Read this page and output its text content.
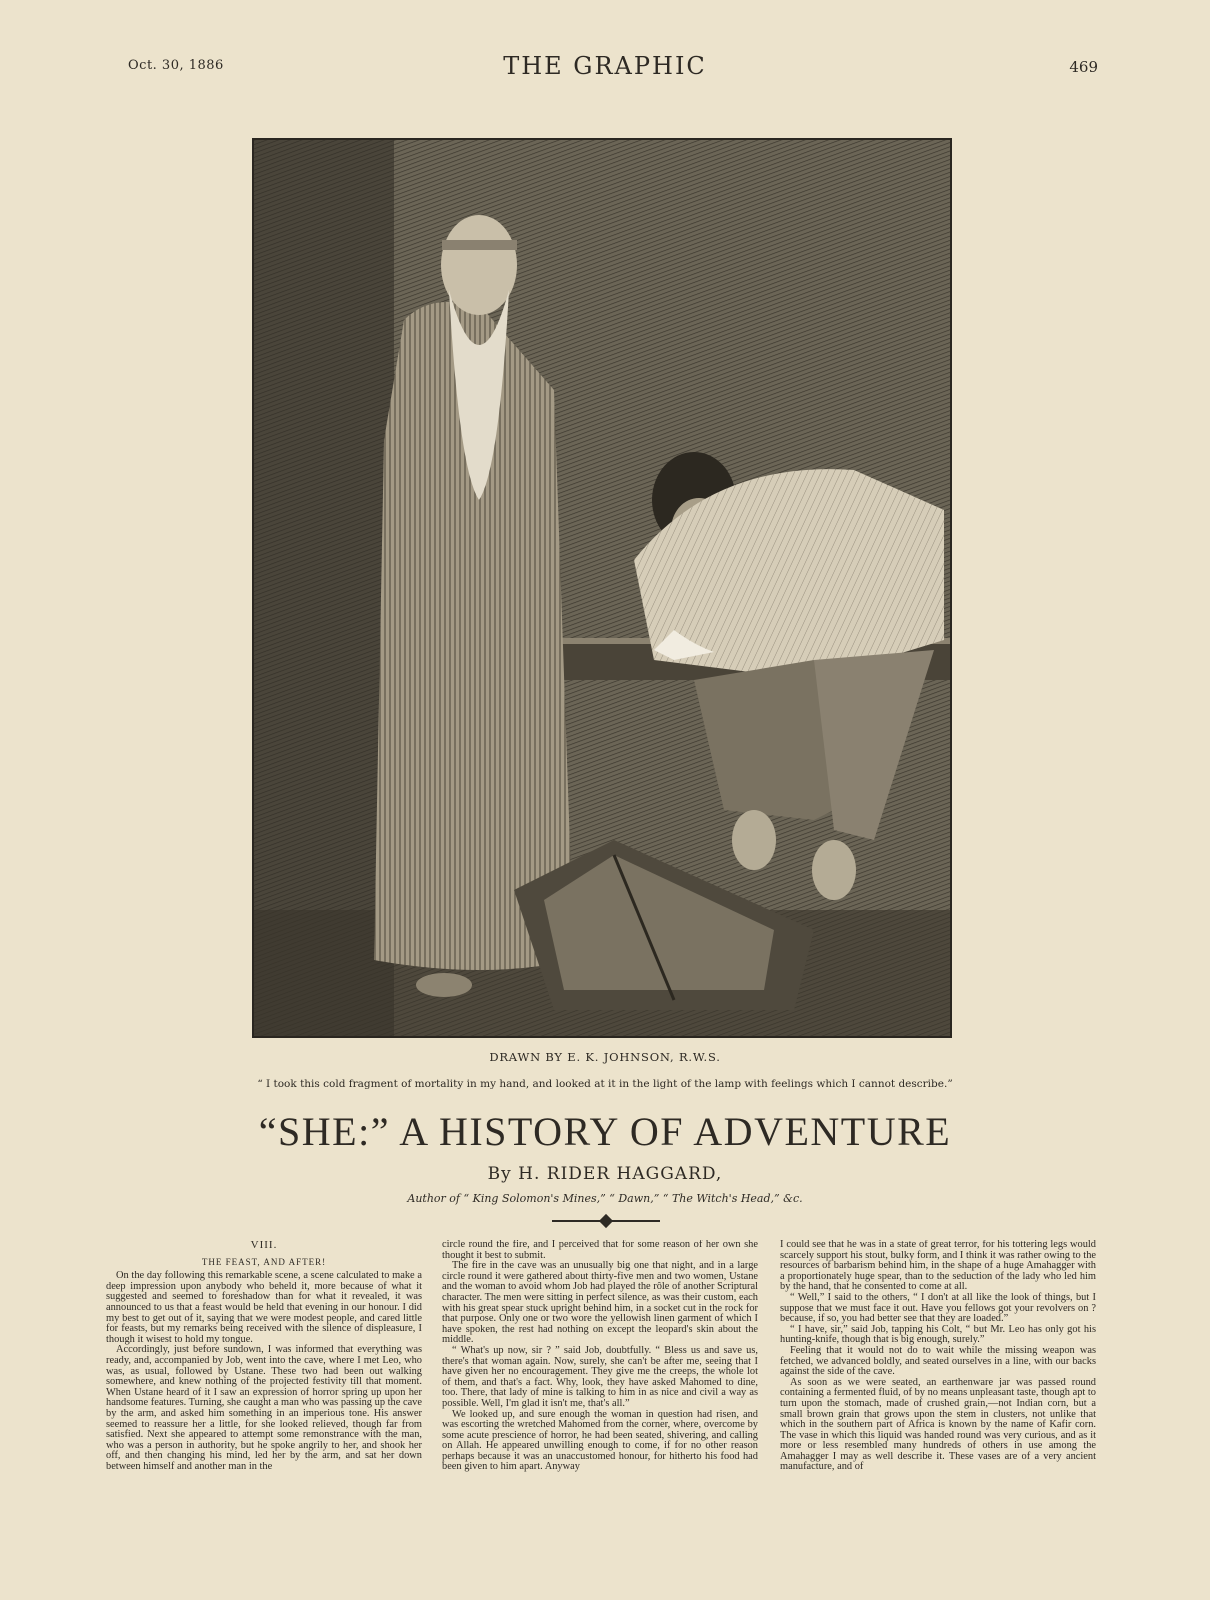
Oct. 30, 1886	THE GRAPHIC	469
DRAWN BY E. K. JOHNSON, R.W.S.
“ I took this cold fragment of mortality in my hand, and looked at it in the light of the lamp with feelings which I cannot describe.”
“SHE:” A HISTORY OF ADVENTURE
By H. RIDER HAGGARD,
Author of “ King Solomon's Mines,” “ Dawn,” “ The Witch's Head,” &c.
VIII.
THE FEAST, AND AFTER!

On the day following this remarkable scene, a scene calculated to make a deep impression upon anybody who beheld it, more because of what it suggested and seemed to foreshadow than for what it revealed, it was announced to us that a feast would be held that evening in our honour. I did my best to get out of it, saying that we were modest people, and cared little for feasts, but my remarks being received with the silence of displeasure, I though it wisest to hold my tongue.

Accordingly, just before sundown, I was informed that everything was ready, and, accompanied by Job, went into the cave, where I met Leo, who was, as usual, followed by Ustane. These two had been out walking somewhere, and knew nothing of the projected festivity till that moment. When Ustane heard of it I saw an expression of horror spring up upon her handsome features. Turning, she caught a man who was passing up the cave by the arm, and asked him something in an imperious tone. His answer seemed to reassure her a little, for she looked relieved, though far from satisfied. Next she appeared to attempt some remonstrance with the man, who was a person in authority, but he spoke angrily to her, and shook her off, and then changing his mind, led her by the arm, and sat her down between himself and another man in the

circle round the fire, and I perceived that for some reason of her own she thought it best to submit.

The fire in the cave was an unusually big one that night, and in a large circle round it were gathered about thirty-five men and two women, Ustane and the woman to avoid whom Job had played the rôle of another Scriptural character. The men were sitting in perfect silence, as was their custom, each with his great spear stuck upright behind him, in a socket cut in the rock for that purpose. Only one or two wore the yellowish linen garment of which I have spoken, the rest had nothing on except the leopard's skin about the middle.

“ What's up now, sir ? ” said Job, doubtfully. “ Bless us and save us, there's that woman again. Now, surely, she can't be after me, seeing that I have given her no encouragement. They give me the creeps, the whole lot of them, and that's a fact. Why, look, they have asked Mahomed to dine, too. There, that lady of mine is talking to him in as nice and civil a way as possible. Well, I'm glad it isn't me, that's all.”

We looked up, and sure enough the woman in question had risen, and was escorting the wretched Mahomed from the corner, where, overcome by some acute prescience of horror, he had been seated, shivering, and calling on Allah. He appeared unwilling enough to come, if for no other reason perhaps because it was an unaccustomed honour, for hitherto his food had been given to him apart. Anyway

I could see that he was in a state of great terror, for his tottering legs would scarcely support his stout, bulky form, and I think it was rather owing to the resources of barbarism behind him, in the shape of a huge Amahagger with a proportionately huge spear, than to the seduction of the lady who led him by the hand, that he consented to come at all.

“ Well,” I said to the others, “ I don't at all like the look of things, but I suppose that we must face it out. Have you fellows got your revolvers on ? because, if so, you had better see that they are loaded.”

“ I have, sir,” said Job, tapping his Colt, “ but Mr. Leo has only got his hunting-knife, though that is big enough, surely.”

Feeling that it would not do to wait while the missing weapon was fetched, we advanced boldly, and seated ourselves in a line, with our backs against the side of the cave.

As soon as we were seated, an earthenware jar was passed round containing a fermented fluid, of by no means unpleasant taste, though apt to turn upon the stomach, made of crushed grain,—not Indian corn, but a small brown grain that grows upon the stem in clusters, not unlike that which in the southern part of Africa is known by the name of Kafir corn. The vase in which this liquid was handed round was very curious, and as it more or less resembled many hundreds of others in use among the Amahagger I may as well describe it. These vases are of a very ancient manufacture, and of
